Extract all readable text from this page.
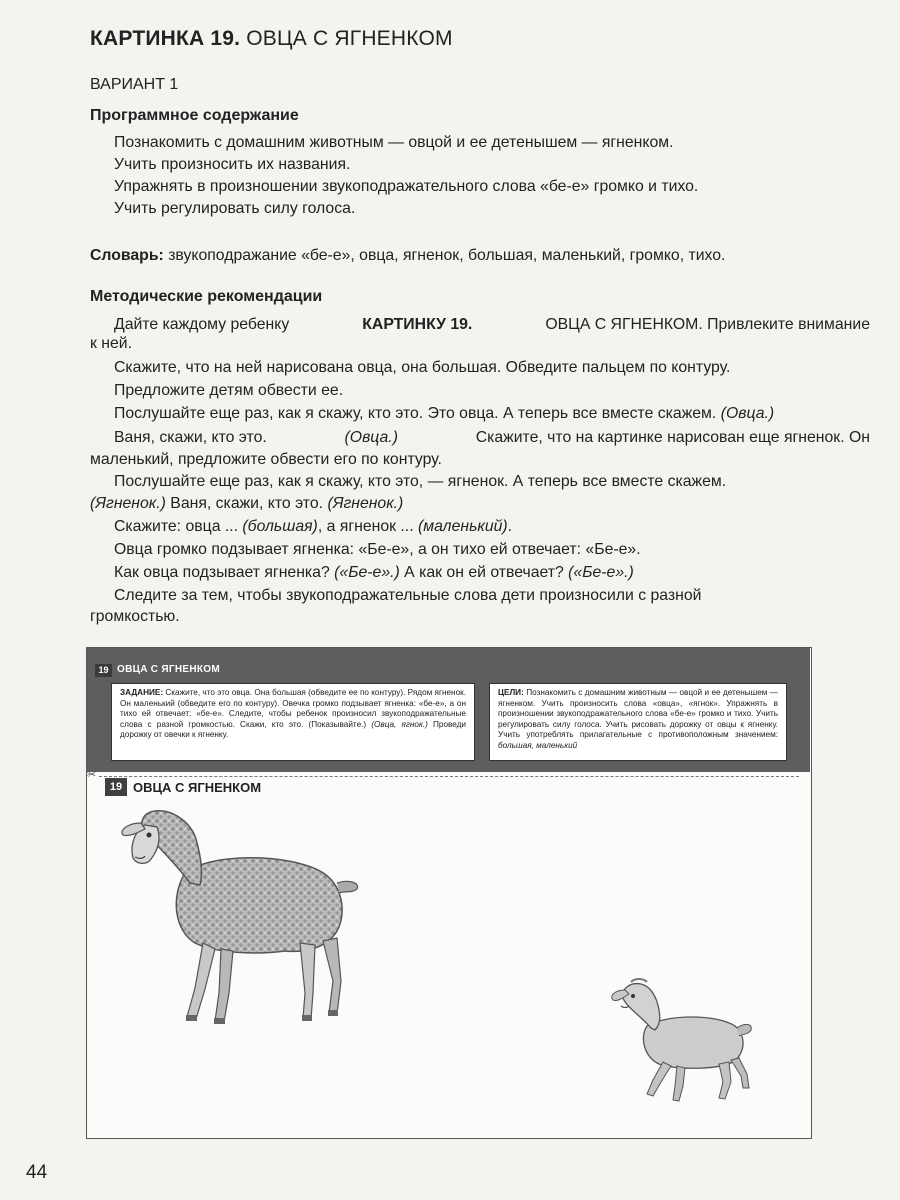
КАРТИНКА 19. ОВЦА С ЯГНЕНКОМ
ВАРИАНТ 1
Программное содержание
Познакомить с домашним животным — овцой и ее детенышем — ягненком.
Учить произносить их названия.
Упражнять в произношении звукоподражательного слова «бе-е» громко и тихо.
Учить регулировать силу голоса.
Словарь: звукоподражание «бе-е», овца, ягненок, большая, маленький, громко, тихо.
Методические рекомендации
Дайте каждому ребенку	КАРТИНКУ 19.	ОВЦА С ЯГНЕНКОМ. Привлеките внимание
к ней.
Скажите, что на ней нарисована овца, она большая. Обведите пальцем по контуру.
Предложите детям обвести ее.
Послушайте еще раз, как я скажу, кто это. Это овца. А теперь все вместе скажем. (Овца.)
Ваня, скажи, кто это.	(Овца.)	Скажите, что на картинке нарисован еще ягненок. Он
маленький, предложите обвести его по контуру.
Послушайте еще раз, как я скажу, кто это, — ягненок. А теперь все вместе скажем.
(Ягненок.) Ваня, скажи, кто это. (Ягненок.)
Скажите: овца ... (большая), а ягненок ... (маленький).
Овца громко подзывает ягненка: «Бе-е», а он тихо ей отвечает: «Бе-е».
Как овца подзывает ягненка? («Бе-е».) А как он ей отвечает? («Бе-е».)
Следите за тем, чтобы звукоподражательные слова дети произносили с разной
громкостью.
19 ОВЦА С ЯГНЕНКОМ
ЗАДАНИЕ: Скажите, что это овца. Она большая (обведите ее по контуру). Рядом ягненок. Он маленький (обведите его по контуру). Овечка громко подзывает ягненка: «бе-е», а он тихо ей отвечает: «бе-е». Следите, чтобы ребенок произносил звукоподражательные слова с разной громкостью. Скажи, кто это. (Показывайте.) (Овца, ягнок.) Проведи дорожку от овечки к ягненку.
ЦЕЛИ: Познакомить с домашним животным — овцой и ее детенышем — ягненком. Учить произносить слова «овца», «ягнок». Упражнять в произношении звукоподражательного слова «бе-е» громко и тихо. Учить регулировать силу голоса. Учить рисовать дорожку от овцы к ягненку. Учить употреблять прилагательные с противоположным значением: большая, маленький
✂
19 ОВЦА С ЯГНЕНКОМ
44
